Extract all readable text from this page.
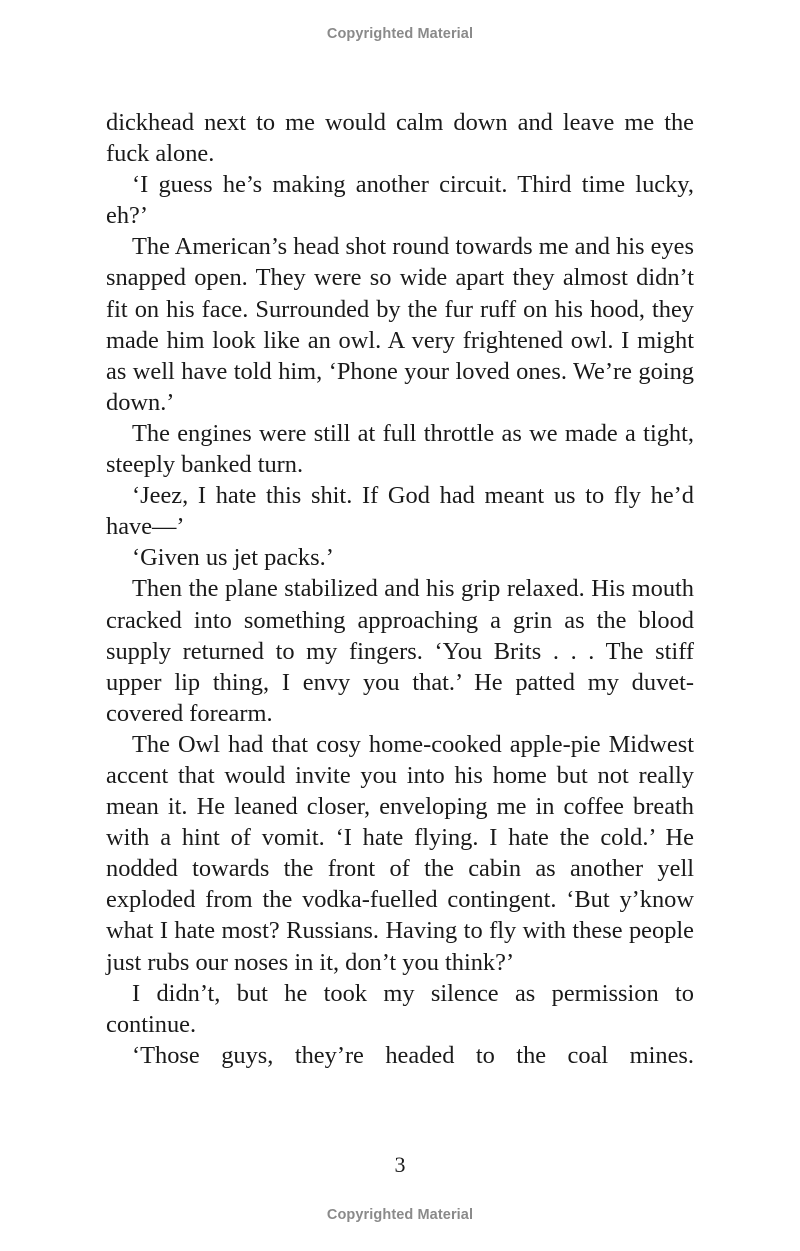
Copyrighted Material

dickhead next to me would calm down and leave me the fuck alone.

‘I guess he’s making another circuit. Third time lucky, eh?’

The American’s head shot round towards me and his eyes snapped open. They were so wide apart they almost didn’t fit on his face. Surrounded by the fur ruff on his hood, they made him look like an owl. A very frightened owl. I might as well have told him, ‘Phone your loved ones. We’re going down.’

The engines were still at full throttle as we made a tight, steeply banked turn.

‘Jeez, I hate this shit. If God had meant us to fly he’d have—’

‘Given us jet packs.’

Then the plane stabilized and his grip relaxed. His mouth cracked into something approaching a grin as the blood supply returned to my fingers. ‘You Brits . . . The stiff upper lip thing, I envy you that.’ He patted my duvet-covered forearm.

The Owl had that cosy home-cooked apple-pie Midwest accent that would invite you into his home but not really mean it. He leaned closer, enveloping me in coffee breath with a hint of vomit. ‘I hate flying. I hate the cold.’ He nodded towards the front of the cabin as another yell exploded from the vodka-fuelled contingent. ‘But y’know what I hate most? Russians. Having to fly with these people just rubs our noses in it, don’t you think?’

I didn’t, but he took my silence as permission to continue.

‘Those guys, they’re headed to the coal mines.

3
Copyrighted Material
